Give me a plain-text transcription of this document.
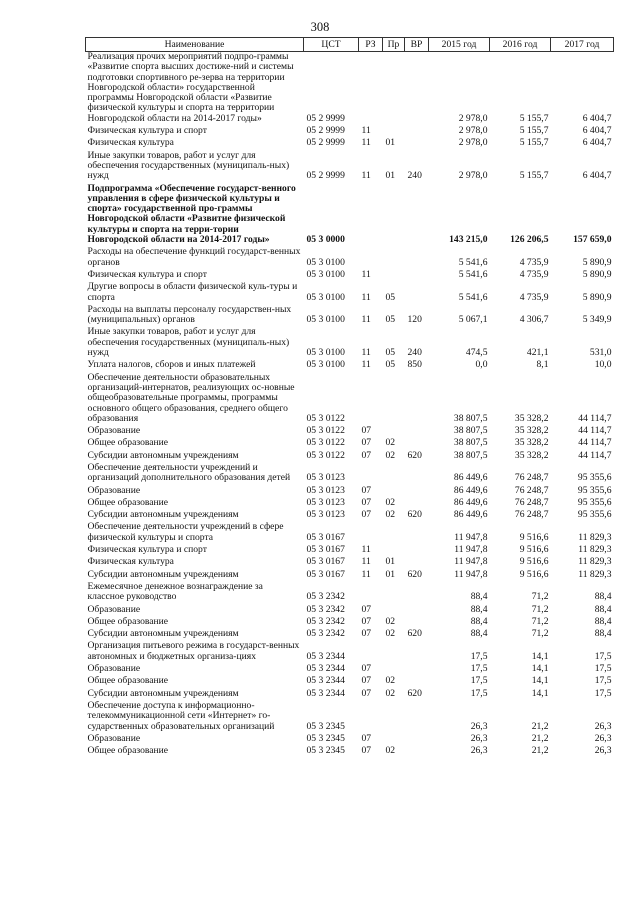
308
Наименование	ЦСТ	РЗ	Пр	ВР	2015 год	2016 год	2017 год
Реализация прочих мероприятий подпро-граммы «Развитие спорта высших достиже-ний и системы подготовки спортивного ре-зерва на территории Новгородской области» государственной программы Новгородской области «Развитие физической культуры и спорта на территории Новгородской области на 2014-2017 годы»	05 2 9999				2 978,0	5 155,7	6 404,7
Физическая культура и спорт	05 2 9999	11			2 978,0	5 155,7	6 404,7
Физическая культура	05 2 9999	11	01		2 978,0	5 155,7	6 404,7
Иные закупки товаров, работ и услуг для обеспечения государственных (муниципаль-ных) нужд	05 2 9999	11	01	240	2 978,0	5 155,7	6 404,7
Подпрограмма «Обеспечение государст-венного управления в сфере физической культуры и спорта» государственной про-граммы Новгородской области «Развитие физической культуры и спорта на терри-тории Новгородской области на 2014-2017 годы»	05 3 0000				143 215,0	126 206,5	157 659,0
Расходы на обеспечение функций государст-венных органов	05 3 0100				5 541,6	4 735,9	5 890,9
Физическая культура и спорт	05 3 0100	11			5 541,6	4 735,9	5 890,9
Другие вопросы в области физической куль-туры и спорта	05 3 0100	11	05		5 541,6	4 735,9	5 890,9
Расходы на выплаты персоналу государствен-ных (муниципальных) органов	05 3 0100	11	05	120	5 067,1	4 306,7	5 349,9
Иные закупки товаров, работ и услуг для обеспечения государственных (муниципаль-ных) нужд	05 3 0100	11	05	240	474,5	421,1	531,0
Уплата налогов, сборов и иных платежей	05 3 0100	11	05	850	0,0	8,1	10,0
Обеспечение деятельности образовательных организаций-интернатов, реализующих ос-новные общеобразовательные программы, программы основного общего образования, среднего общего образования	05 3 0122				38 807,5	35 328,2	44 114,7
Образование	05 3 0122	07			38 807,5	35 328,2	44 114,7
Общее образование	05 3 0122	07	02		38 807,5	35 328,2	44 114,7
Субсидии автономным учреждениям	05 3 0122	07	02	620	38 807,5	35 328,2	44 114,7
Обеспечение деятельности учреждений и организаций дополнительного образования детей	05 3 0123				86 449,6	76 248,7	95 355,6
Образование	05 3 0123	07			86 449,6	76 248,7	95 355,6
Общее образование	05 3 0123	07	02		86 449,6	76 248,7	95 355,6
Субсидии автономным учреждениям	05 3 0123	07	02	620	86 449,6	76 248,7	95 355,6
Обеспечение деятельности учреждений в сфере физической культуры и спорта	05 3 0167				11 947,8	9 516,6	11 829,3
Физическая культура и спорт	05 3 0167	11			11 947,8	9 516,6	11 829,3
Физическая культура	05 3 0167	11	01		11 947,8	9 516,6	11 829,3
Субсидии автономным учреждениям	05 3 0167	11	01	620	11 947,8	9 516,6	11 829,3
Ежемесячное денежное вознаграждение за классное руководство	05 3 2342				88,4	71,2	88,4
Образование	05 3 2342	07			88,4	71,2	88,4
Общее образование	05 3 2342	07	02		88,4	71,2	88,4
Субсидии автономным учреждениям	05 3 2342	07	02	620	88,4	71,2	88,4
Организация питьевого режима в государст-венных автономных и бюджетных организа-циях	05 3 2344				17,5	14,1	17,5
Образование	05 3 2344	07			17,5	14,1	17,5
Общее образование	05 3 2344	07	02		17,5	14,1	17,5
Субсидии автономным учреждениям	05 3 2344	07	02	620	17,5	14,1	17,5
Обеспечение доступа к информационно-телекоммуникационной сети «Интернет» го-сударственных образовательных организаций	05 3 2345				26,3	21,2	26,3
Образование	05 3 2345	07			26,3	21,2	26,3
Общее образование	05 3 2345	07	02		26,3	21,2	26,3
